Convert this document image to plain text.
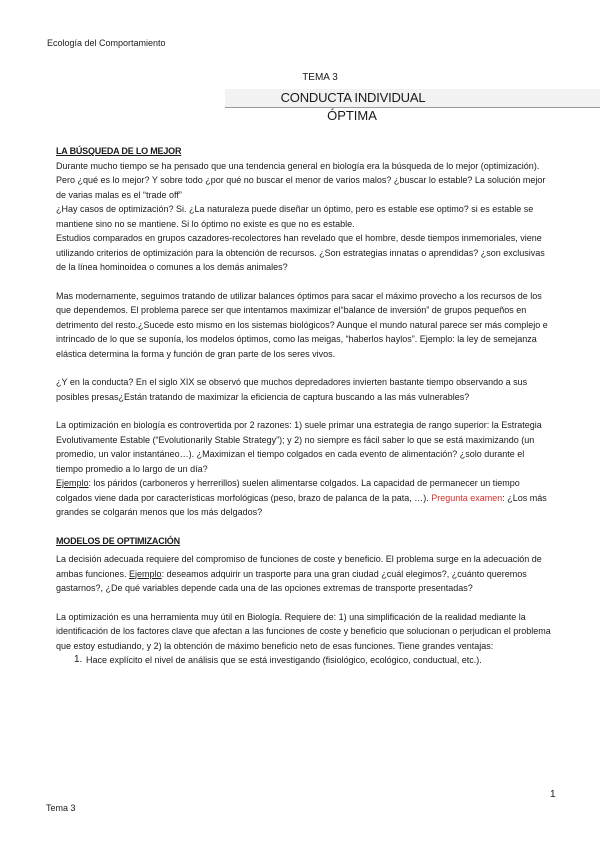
Ecología del Comportamiento
TEMA 3
CONDUCTA INDIVIDUAL
ÓPTIMA

LA BÚSQUEDA DE LO MEJOR

Durante mucho tiempo se ha pensado que una tendencia general en biología era la búsqueda de lo mejor (optimización). Pero ¿qué es lo mejor? Y sobre todo ¿por qué no buscar el menor de varios malos? ¿buscar lo estable? La solución mejor de varias malas es el “trade off”

¿Hay casos de optimización? Si. ¿La naturaleza puede diseñar un óptimo, pero es estable ese optimo? si es estable se mantiene sino no se mantiene. Si lo óptimo no existe es que no es estable.

Estudios comparados en grupos cazadores-recolectores han revelado que el hombre, desde tiempos inmemoriales, viene utilizando criterios de optimización para la obtención de recursos. ¿Son estrategias innatas o aprendidas? ¿son exclusivas de la línea hominoidea o comunes a los demás animales?

Mas modernamente, seguimos tratando de utilizar balances óptimos para sacar el máximo provecho a los recursos de los que dependemos. El problema parece ser que intentamos maximizar el“balance de inversión” de grupos pequeños en detrimento del resto.¿Sucede esto mismo en los sistemas biológicos? Aunque el mundo natural parece ser más complejo e intrincado de lo que se suponía, los modelos óptimos, como las meigas, “haberlos haylos”. Ejemplo: la ley de semejanza elástica determina la forma y función de gran parte de los seres vivos.

¿Y en la conducta? En el siglo XIX se observó que muchos depredadores invierten bastante tiempo observando a sus posibles presas¿Están tratando de maximizar la eficiencia de captura buscando a las más vulnerables?

La optimización en biología es controvertida por 2 razones: 1) suele primar una estrategia de rango superior: la Estrategia Evolutivamente Estable (“Evolutionarily Stable Strategy”); y 2) no siempre es fácil saber lo que se está maximizando (un promedio, un valor instantáneo…). ¿Maximizan el tiempo colgados en cada evento de alimentación? ¿solo durante el tiempo promedio a lo largo de un día?

Ejemplo: los páridos (carboneros y herrerillos) suelen alimentarse colgados. La capacidad de permanecer un tiempo colgados viene dada por características morfológicas (peso, brazo de palanca de la pata, …). Pregunta examen: ¿Los más grandes se colgarán menos que los más delgados?

MODELOS DE OPTIMIZACIÓN

La decisión adecuada requiere del compromiso de funciones de coste y beneficio. El problema surge en la adecuación de ambas funciones. Ejemplo: deseamos adquirir un trasporte para una gran ciudad ¿cuál elegimos?, ¿cuánto queremos gastarnos?, ¿De qué variables depende cada una de las opciones extremas de transporte presentadas?

La optimización es una herramienta muy útil en Biología. Requiere de: 1) una simplificación de la realidad mediante la identificación de los factores clave que afectan a las funciones de coste y beneficio que solucionan o perjudican el problema que estoy estudiando, y 2) la obtención de máximo beneficio neto de esas funciones. Tiene grandes ventajas:

1. Hace explícito el nivel de análisis que se está investigando (fisiológico, ecológico, conductual, etc.).
1
Tema 3
